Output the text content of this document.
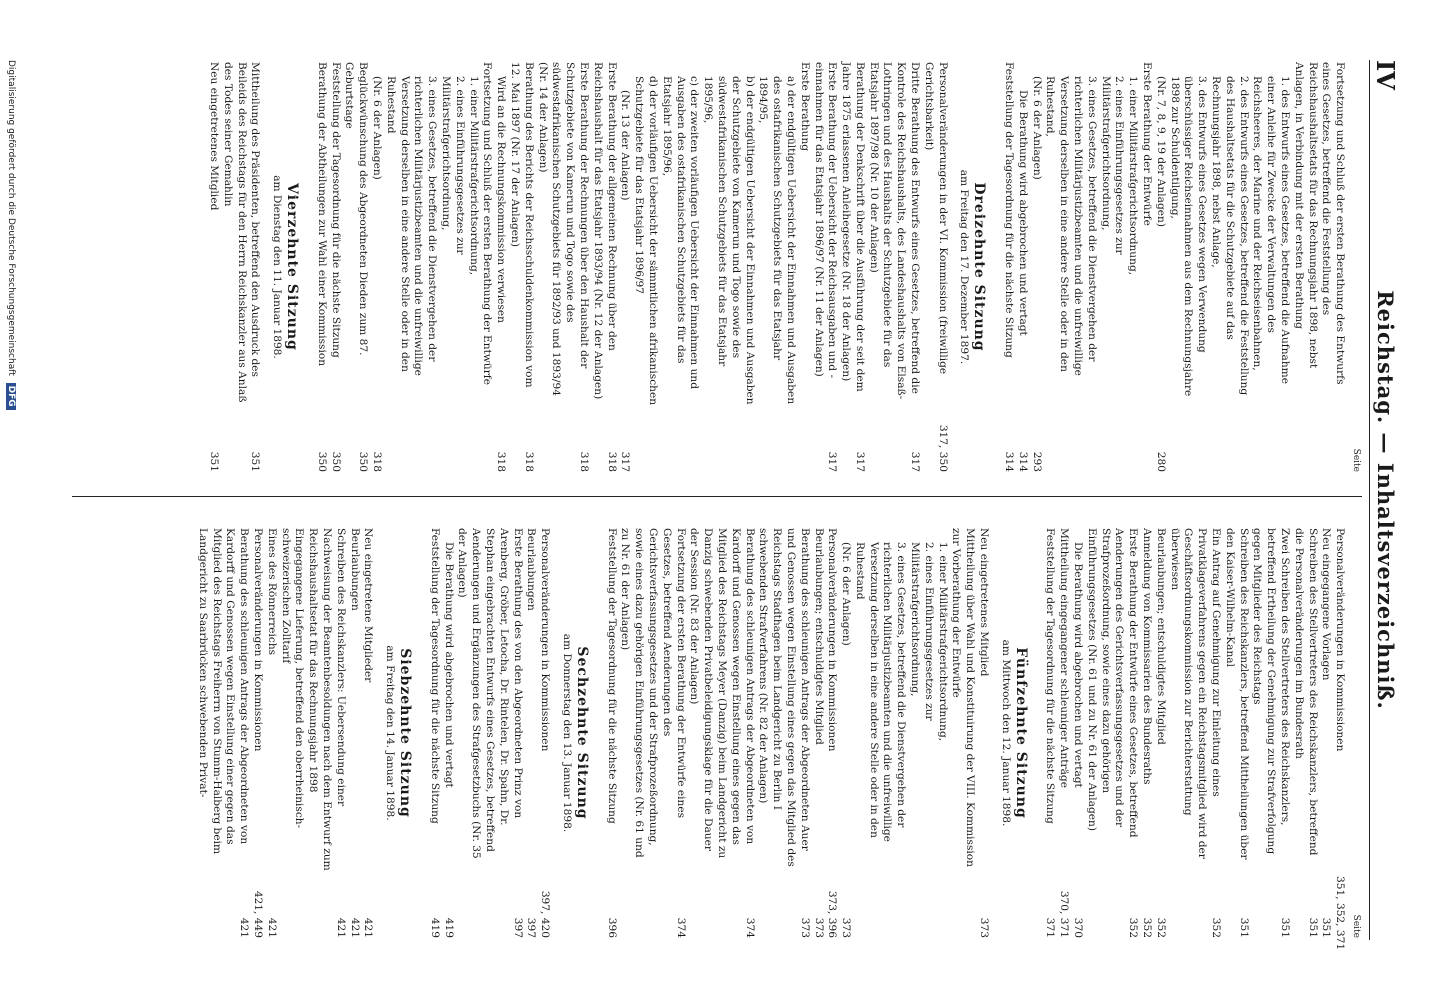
IV
Reichstag. — Inhaltsverzeichniß.
Seite
Fortsetzung und Schluß der ersten Berathung des Entwurfs eines Gesetzes, betreffend die Feststellung des Reichshaushaltsetats für das Rechnungsjahr 1898, nebst Anlagen, in Verbindung mit der ersten Berathung
1. des Entwurfs eines Gesetzes, betreffend die Aufnahme einer Anleihe für Zwecke der Verwaltungen des Reichsheeres, der Marine und der Reichseisenbahnen,
2. des Entwurfs eines Gesetzes, betreffend die Feststellung des Haushaltsetats für die Schutzgebiete auf das Rechnungsjahr 1898, nebst Anlage,
3. des Entwurfs eines Gesetzes wegen Verwendung überschüssiger Reichseinnahmen aus dem Rechnungsjahre 1898 zur Schuldentilgung,
(Nr. 7, 8, 9, 19 der Anlagen)
280
Erste Berathung der Entwürfe
1. einer Militärstrafgerichtsordnung,
2. eines Einführungsgesetzes zur Militärstrafgerichtsordnung,
3. eines Gesetzes, betreffend die Dienstvergehen der richterlichen Militärjustizbeamten und die unfreiwillige Versetzung derselben in eine andere Stelle oder in den Ruhestand,
(Nr. 6 der Anlagen)
293
Die Berathung wird abgebrochen und vertagt
314
Feststellung der Tagesordnung für die nächste Sitzung
314
Dreizehnte Sitzung
am Freitag den 17. Dezember 1897.
Personalveränderungen in der VI. Kommission (freiwillige Gerichtsbarkeit)
317, 350
Dritte Berathung des Entwurfs eines Gesetzes, betreffend die Kontrole des Reichshaushalts, des Landeshaushalts von Elsaß-Lothringen und des Haushalts der Schutzgebiete für das Etatsjahr 1897/98 (Nr. 10 der Anlagen)
317
Berathung der Denkschrift über die Ausführung der seit dem Jahre 1875 erlassenen Anleihegesetze (Nr. 18 der Anlagen)
317
Erste Berathung der Uebersicht der Reichsausgaben und -einnahmen für das Etatsjahr 1896/97 (Nr. 11 der Anlagen)
317
Erste Berathung
a) der endgültigen Uebersicht der Einnahmen und Ausgaben des ostafrikanischen Schutzgebiets für das Etatsjahr 1894/95,
b) der endgültigen Uebersicht der Einnahmen und Ausgaben der Schutzgebiete von Kamerun und Togo sowie des südwestafrikanischen Schutzgebiets für das Etatsjahr 1895/96,
c) der zweiten vorläufigen Uebersicht der Einnahmen und Ausgaben des ostafrikanischen Schutzgebiets für das Etatsjahr 1895/96,
d) der vorläufigen Uebersicht der sämmtlichen afrikanischen Schutzgebiete für das Etatsjahr 1896/97
(Nr. 13 der Anlagen)
317
Erste Berathung der allgemeinen Rechnung über den Reichshaushalt für das Etatsjahr 1893/94 (Nr. 12 der Anlagen)
318
Erste Berathung der Rechnungen über den Haushalt der Schutzgebiete von Kamerun und Togo sowie des südwestafrikanischen Schutzgebiets für 1892/93 und 1893/94 (Nr. 14 der Anlagen)
318
Berathung des Berichts der Reichsschuldenkommission vom 12. Mai 1897 (Nr. 17 der Anlagen)
318
Wird an die Rechnungskommission verwiesen
318
Fortsetzung und Schluß der ersten Berathung der Entwürfe
1. einer Militärstrafgerichtsordnung,
2. eines Einführungsgesetzes zur Militärstrafgerichtsordnung,
3. eines Gesetzes, betreffend die Dienstvergehen der richterlichen Militärjustizbeamten und die unfreiwillige Versetzung derselben in eine andere Stelle oder in den Ruhestand
(Nr. 6 der Anlagen)
318
Beglückwünschung des Abgeordneten Dieden zum 87. Geburtstage
350
Feststellung der Tagesordnung für die nächste Sitzung
350
Berathung der Abtheilungen zur Wahl einer Kommission
350
Vierzehnte Sitzung
am Dienstag den 11. Januar 1898.
Mittheilung des Präsidenten, betreffend den Ausdruck des Beileids des Reichstags für den Herrn Reichskanzler aus Anlaß des Todes seiner Gemahlin
351
Neu eingetretenes Mitglied
351
Seite
Personalveränderungen in Kommissionen
351, 352, 371
Neu eingegangene Vorlagen
351
Schreiben des Stellvertreters des Reichskanzlers, betreffend die Personalveränderungen im Bundesrath
351
Zwei Schreiben des Stellvertreters des Reichskanzlers, betreffend Ertheilung der Genehmigung zur Strafverfolgung gegen Mitglieder des Reichstags
351
Schreiben des Reichskanzlers, betreffend Mittheilungen über den Kaiser-Wilhelm-Kanal
351
Ein Antrag auf Genehmigung zur Einleitung eines Privatklageverfahrens gegen ein Reichstagsmitglied wird der Geschäftsordnungskommission zur Berichterstattung überwiesen
352
Beurlaubungen; entschuldigtes Mitglied
352
Anmeldung von Kommissarien des Bundesraths
352
Erste Berathung der Entwürfe eines Gesetzes, betreffend Aenderungen des Gerichtsverfassungsgesetzes und der Strafprozeßordnung, sowie eines dazu gehörigen Einführungsgesetzes (Nr. 61 und zu Nr. 61 der Anlagen)
352
Die Berathung wird abgebrochen und vertagt
370
Mittheilung eingegangener schleuniger Anträge
370, 371
Feststellung der Tagesordnung für die nächste Sitzung
371
Fünfzehnte Sitzung
am Mittwoch den 12. Januar 1898.
Neu eingetretenes Mitglied
373
Mittheilung über Wahl und Konstituirung der VIII. Kommission zur Vorberathung der Entwürfe
1. einer Militärstrafgerichtsordnung,
2. eines Einführungsgesetzes zur Militärstrafgerichtsordnung,
3. eines Gesetzes, betreffend die Dienstvergehen der richterlichen Militärjustizbeamten und die unfreiwillige Versetzung derselben in eine andere Stelle oder in den Ruhestand
(Nr. 6 der Anlagen)
373
Personalveränderungen in Kommissionen
373, 396
Beurlaubungen; entschuldigtes Mitglied
373
Berathung des schleunigen Antrags der Abgeordneten Auer und Genossen wegen Einstellung eines gegen das Mitglied des Reichstags Stadthagen beim Landgericht zu Berlin I schwebenden Strafverfahrens (Nr. 82 der Anlagen)
373
Berathung des schleunigen Antrags der Abgeordneten von Kardorff und Genossen wegen Einstellung eines gegen das Mitglied des Reichstags Meyer (Danzig) beim Landgericht zu Danzig schwebenden Privatbeleidigungsklage für die Dauer der Session (Nr. 83 der Anlagen)
374
Fortsetzung der ersten Berathung der Entwürfe eines Gesetzes, betreffend Aenderungen des Gerichtsverfassungsgesetzes und der Strafprozeßordnung, sowie eines dazu gehörigen Einführungsgesetzes (Nr. 61 und zu Nr. 61 der Anlagen)
374
Feststellung der Tagesordnung für die nächste Sitzung
396
Sechzehnte Sitzung
am Donnerstag den 13. Januar 1898.
Personalveränderungen in Kommissionen
397, 420
Beurlaubungen
397
Erste Berathung des von den Abgeordneten Prinz von Arenberg, Gröber, Letocha, Dr. Rintelen, Dr. Spahn, Dr. Stephan eingebrachten Entwurfs eines Gesetzes, betreffend Aenderungen und Ergänzungen des Strafgesetzbuchs (Nr. 35 der Anlagen)
397
Die Berathung wird abgebrochen und vertagt
419
Feststellung der Tagesordnung für die nächste Sitzung
419
Siebzehnte Sitzung
am Freitag den 14. Januar 1898.
Neu eingetretene Mitglieder
421
Beurlaubungen
421
Schreiben des Reichskanzlers: Uebersendung einer Nachweisung der Beamtenbesoldungen nach dem Entwurf zum Reichshaushaltsetat für das Rechnungsjahr 1898
421
Eingegangene Lieferung, betreffend den oberrheinisch-schweizerischen Zolltarif
Eines des Rönnerreichs
421
Personalveränderungen in Kommissionen
421, 449
Berathung des schleunigen Antrags der Abgeordneten von Kardorff und Genossen wegen Einstellung einer gegen das Mitglied des Reichstags Freiherrn von Stumm-Halberg beim Landgericht zu Saarbrücken schwebenden Privat-
421
Digitalisierung gefördert durch die Deutsche Forschungsgemeinschaft DFG
